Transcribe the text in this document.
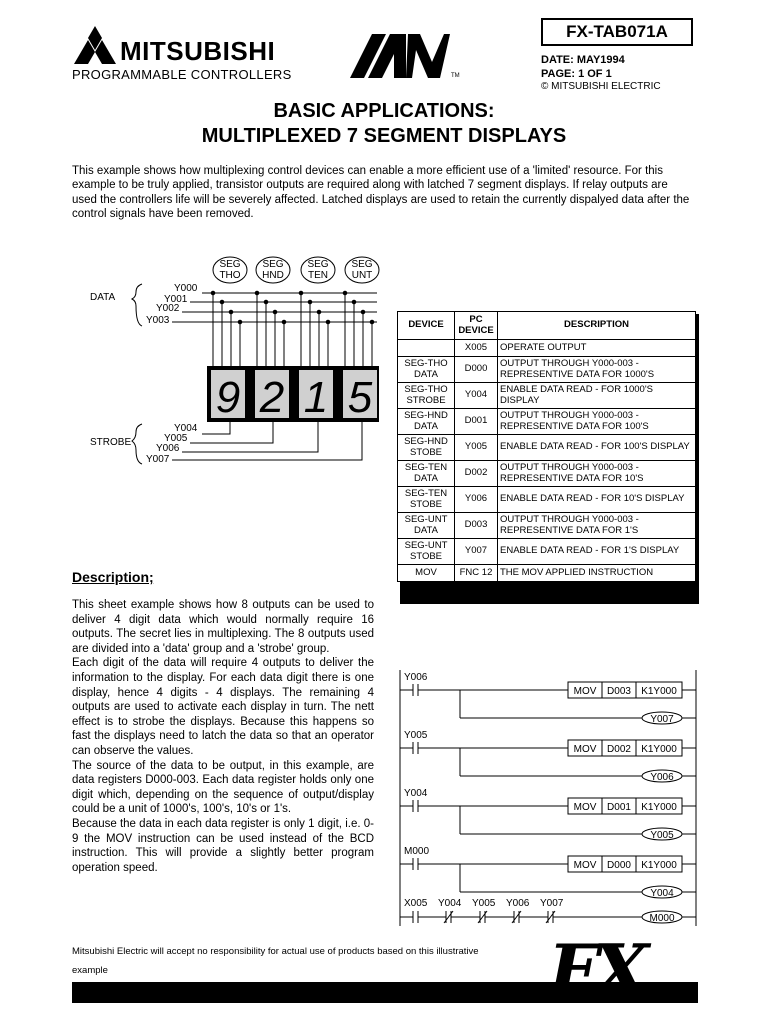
MITSUBISHI
PROGRAMMABLE CONTROLLERS	TM
FX-TAB071A
DATE: MAY1994
PAGE: 1 OF 1
© MITSUBISHI ELECTRIC
BASIC APPLICATIONS:
MULTIPLEXED 7 SEGMENT DISPLAYS

This example shows how multiplexing control devices can enable a more efficient use of a 'limited' resource. For this example to be truly applied, transistor outputs are required along with latched 7 segment displays. If relay outputs are used the controllers life will be severely affected. Latched displays are used to retain the currently dispalyed data after the control signals have been removed.

SEG
THO
SEG
HND
SEG
TEN
SEG
UNT
DATA
Y000
Y001
Y002
Y003
9 2 1 5
STROBE
Y004
Y005
Y006
Y007
DEVICE	PC DEVICE	DESCRIPTION
	X005	OPERATE OUTPUT
SEG-THO DATA	D000	OUTPUT THROUGH Y000-003 - REPRESENTIVE DATA FOR 1000'S
SEG-THO STROBE	Y004	ENABLE DATA READ - FOR 1000'S DISPLAY
SEG-HND DATA	D001	OUTPUT THROUGH Y000-003 - REPRESENTIVE DATA FOR 100'S
SEG-HND STOBE	Y005	ENABLE DATA READ - FOR 100'S DISPLAY
SEG-TEN DATA	D002	OUTPUT THROUGH Y000-003 - REPRESENTIVE DATA FOR 10'S
SEG-TEN STOBE	Y006	ENABLE DATA READ - FOR 10'S DISPLAY
SEG-UNT DATA	D003	OUTPUT THROUGH Y000-003 - REPRESENTIVE DATA FOR 1'S
SEG-UNT STOBE	Y007	ENABLE DATA READ - FOR 1'S DISPLAY
MOV	FNC 12	THE MOV APPLIED INSTRUCTION
Description;

This sheet example shows how 8 outputs can be used to deliver 4 digit data which would normally require 16 outputs. The secret lies in multiplexing. The 8 outputs used are divided into a 'data' group and a 'strobe' group.

Each digit of the data will require 4 outputs to deliver the information to the display. For each data digit there is one display, hence 4 digits - 4 displays. The remaining 4 outputs are used to activate each display in turn. The nett effect is to strobe the displays. Because this happens so fast the displays need to latch the data so that an operator can observe the values.

The source of the data to be output, in this example, are data registers D000-003. Each data register holds only one digit which, depending on the sequence of output/display could be a unit of 1000's, 100's, 10's or 1's.

Because the data in each data register is only 1 digit, i.e. 0-9 the MOV instruction can be used instead of the BCD instruction. This will provide a slightly better program operation speed.

Y006
MOV D003 K1Y000
Y007
Y005
MOV D002 K1Y000
Y006
Y004
MOV D001 K1Y000
Y005
M000
MOV D000 K1Y000
Y004
X005 Y004 Y005 Y006 Y007
M000
Mitsubishi Electric will accept no responsibility for actual use of products based on this illustrative example	FX
